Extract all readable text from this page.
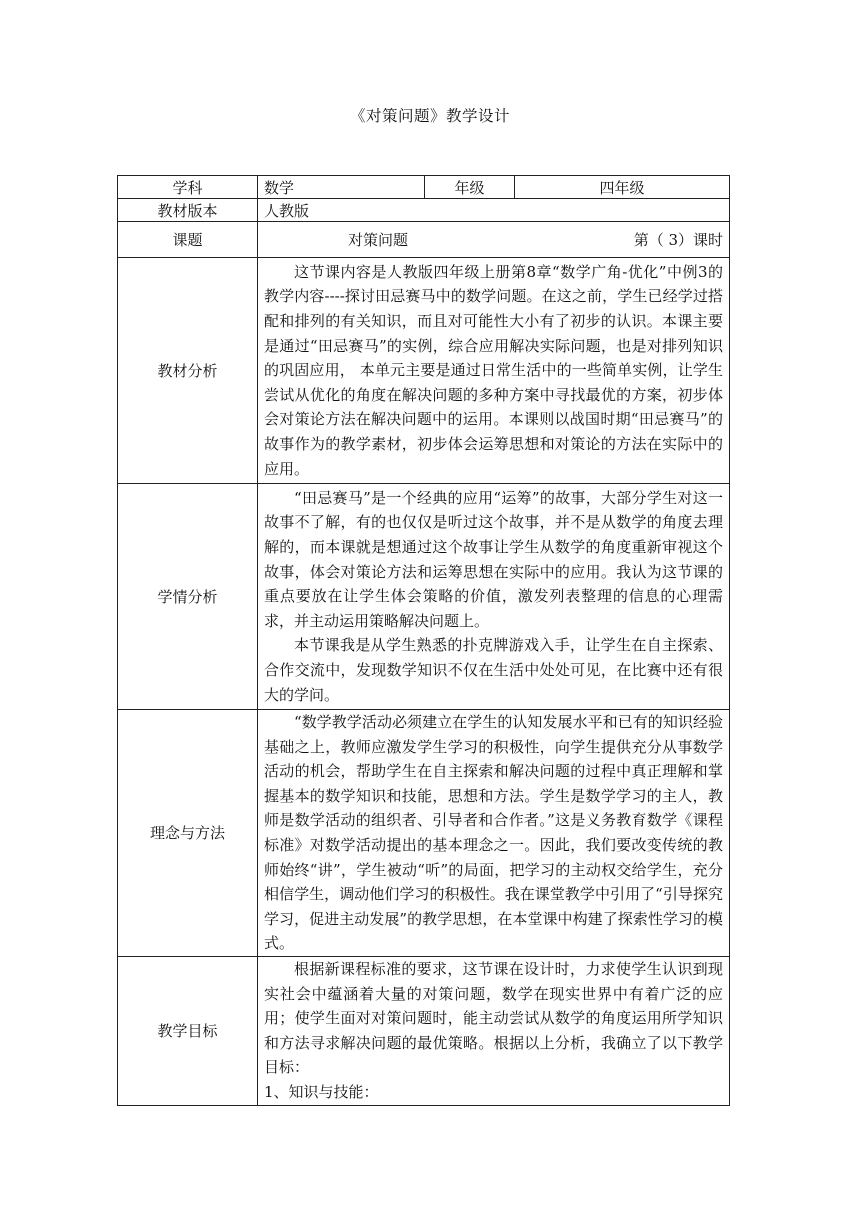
《对策问题》教学设计
学科	数学	年级	四年级
教材版本	人教版		
课题	对策问题 第（ 3）课时		

教材分析	这节课内容是人教版四年级上册第8章“数学广角-优化”中例3的教学内容----探讨田忌赛马中的数学问题。在这之前，学生已经学过搭配和排列的有关知识，而且对可能性大小有了初步的认识。本课主要是通过“田忌赛马”的实例，综合应用解决实际问题，也是对排列知识的巩固应用， 本单元主要是通过日常生活中的一些简单实例，让学生尝试从优化的角度在解决问题的多种方案中寻找最优的方案，初步体会对策论方法在解决问题中的运用。本课则以战国时期“田忌赛马”的故事作为的教学素材，初步体会运筹思想和对策论的方法在实际中的应用。		

学情分析	“田忌赛马”是一个经典的应用“运筹”的故事，大部分学生对这一故事不了解，有的也仅仅是听过这个故事，并不是从数学的角度去理解的，而本课就是想通过这个故事让学生从数学的角度重新审视这个故事，体会对策论方法和运筹思想在实际中的应用。我认为这节课的重点要放在让学生体会策略的价值，激发列表整理的信息的心理需求，并主动运用策略解决问题上。

本节课我是从学生熟悉的扑克牌游戏入手，让学生在自主探索、合作交流中，发现数学知识不仅在生活中处处可见，在比赛中还有很大的学问。		

理念与方法	“数学教学活动必须建立在学生的认知发展水平和已有的知识经验基础之上，教师应激发学生学习的积极性，向学生提供充分从事数学活动的机会，帮助学生在自主探索和解决问题的过程中真正理解和掌握基本的数学知识和技能，思想和方法。学生是数学学习的主人，教师是数学活动的组织者、引导者和合作者。”这是义务教育数学《课程标准》对数学活动提出的基本理念之一。因此，我们要改变传统的教师始终“讲”，学生被动“听”的局面，把学习的主动权交给学生，充分相信学生，调动他们学习的积极性。我在课堂教学中引用了“引导探究学习，促进主动发展”的教学思想，在本堂课中构建了探索性学习的模式。		

教学目标	根据新课程标准的要求，这节课在设计时，力求使学生认识到现实社会中蕴涵着大量的对策问题，数学在现实世界中有着广泛的应用；使学生面对对策问题时，能主动尝试从数学的角度运用所学知识和方法寻求解决问题的最优策略。根据以上分析，我确立了以下教学目标：

1、知识与技能：		
